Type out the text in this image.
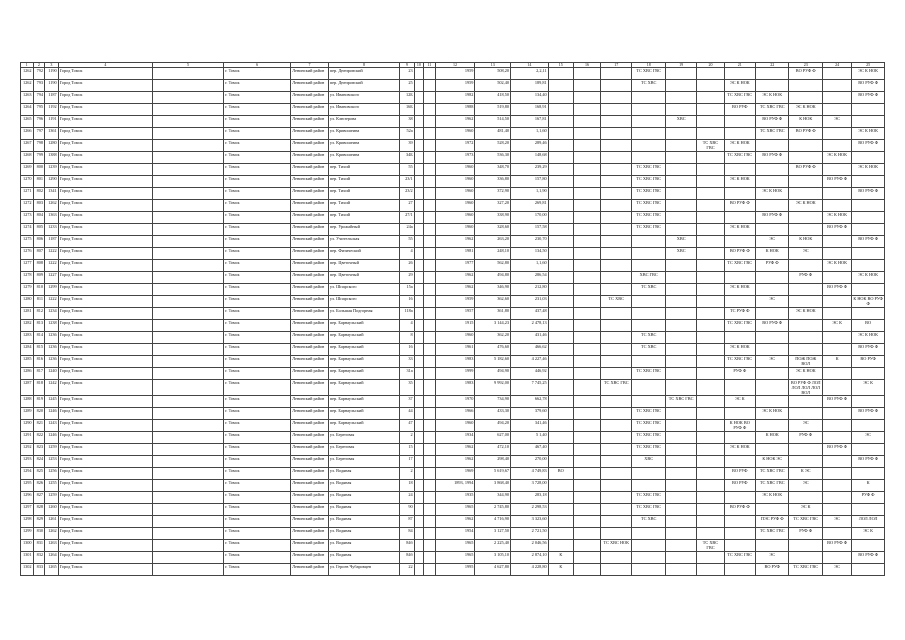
1	2	3	4	5	6	7	8	9	10	11	12	13	14	15	16	17	18	19	20	21	22	23	24	25
1262	792	1190	Город Томск		г. Томск	Ленинский район	пер. Днепровский	23			1959	508,20	2,2,11				ТС ХВС ГВС					ВО РУФ Ф		ЭС К НОК
1262	793	1190	Город Томск		г. Томск	Ленинский район	пер. Днепровский	25			1959	502,40	189,81				ТС ХВС			ЭС К НОК				ВО РУФ Ф
1263	794	1187	Город Томск		г. Томск	Ленинский район	ул. Ивановского	12Б			1982	418,50	134,40							ТС ХВС ГВС	ЭС К НОК			ВО РУФ Ф
1264	795	1192	Город Томск		г. Томск	Ленинский район	ул. Ивановского	16Б			1988	519,80	168,91							ВО РУФ	ТС ХВС ГВС	ЭС К НОК		
1265	796	1191	Город Томск		г. Томск	Ленинский район	ул. Клюзерова	38			1962	514,50	167,81					ХВС			ВО РУФ Ф	К НОК	ЭС	
1266	797	1361	Город Томск		г. Томск	Ленинский район	ул. Кривошеина	52а			1960	481,40	1,1,60								ТС ХВС ГВС	ВО РУФ Ф		ЭС К НОК
1267	798	1280	Город Томск		г. Томск	Ленинский район	ул. Кривошеина	39			1972	528,20	289,46						ТС ХВС ГВС	ЭС К НОК				ВО РУФ Ф
1268	799	1388	Город Томск		г. Томск	Ленинский район	ул. Кривошеина	34Б			1973	536,30	148,68							ТС ХВС ГВС	ВО РУФ Ф		ЭС К НОК	
1269	800	1239	Город Томск		г. Томск	Ленинский район	пер. Тихий	55			1960	348,70	239,29				ТС ХВС ГВС					ВО РУФ Ф		ЭС К НОК
1270	801	1290	Город Томск		г. Томск	Ленинский район	пер. Тихий	23/1			1960	336,80	157,80				ТС ХВС ГВС			ЭС К НОК			ВО РУФ Ф	
1271	802	1341	Город Томск		г. Томск	Ленинский район	пер. Тихий	23/2			1960	372,90	1,1,90				ТС ХВС ГВС				ЭС К НОК			ВО РУФ Ф
1272	803	1262	Город Томск		г. Томск	Ленинский район	пер. Тихий	27			1960	327,20	269,81				ТС ХВС ГВС			ВО РУФ Ф		ЭС К НОК		
1273	804	1363	Город Томск		г. Томск	Ленинский район	пер. Тихий	27/1			1960	338,90	170,00				ТС ХВС ГВС				ВО РУФ Ф		ЭС К НОК	
1274	805	1233	Город Томск		г. Томск	Ленинский район	пер. Урожайный	24а			1960	328,60	157,58				ТС ХВС ГВС			ЭС К НОК			ВО РУФ Ф	
1275	806	1187	Город Томск		г. Томск	Ленинский район	ул. Учительская	55			1962	263,20	230,70					ХВС			ЭС	К НОК		ВО РУФ Ф
1276	807	1222	Город Томск		г. Томск	Ленинский район	пер. Физический	4			1981	248,10	134,50					ХВС		ВО РУФ Ф	К НОК	ЭС		
1277	808	1222	Город Томск		г. Томск	Ленинский район	пер. Цветочный	26			1977	562,80	1,1,60							ТС ХВС ГВС	РУФ Ф		ЭС К НОК	
1278	809	1227	Город Томск		г. Томск	Ленинский район	пер. Цветочный	29			1962	494,80	286,54				ХВС ГВС					РУФ Ф		ЭС К НОК
1279	810	1299	Город Томск		г. Томск	Ленинский район	ул. Шпарского	15а			1962	346,90	212,80				ТС ХВС			ЭС К НОК			ВО РУФ Ф	
1280	811	1222	Город Томск		г. Томск	Ленинский район	ул. Шпарского	16			1959	362,60	231,03			ТС ХВС					ЭС			К НОК ВО РУФ Ф
1281	812	1234	Город Томск		г. Томск	Ленинский район	ул. Большая Подгорная	118а			1957	361,80	437,48							ТС РУФ Ф		ЭС К НОК		
1282	813	1238	Город Томск		г. Томск	Ленинский район	пер. Барнаульский	4			1915	3 144,23	2 478,13							ТС ХВС ГВС	ВО РУФ Ф		ЭС К	ВО
1283	814	1236	Город Томск		г. Томск	Ленинский район	пер. Барнаульский	8			1960	362,20	431,46				ТС ХВС							ЭС К НОК
1284	815	1236	Город Томск		г. Томск	Ленинский район	пер. Барнаульский	16			1961	476,60	466,62				ТС ХВС			ЭС К НОК				ВО РУФ Ф
1285	816	1236	Город Томск		г. Томск	Ленинский район	пер. Барнаульский	33			1983	5 182,60	4 227,46							ТС ХВС ГВС	ЭС	ПОЖ ПОЖ ВОЛ	К	ВО РУФ
1286	817	1240	Город Томск		г. Томск	Ленинский район	пер. Барнаульский	31а			1999	494,90	446,92				ТС ХВС ГВС			РУФ Ф		ЭС К НОК		
1287	818	1242	Город Томск		г. Томск	Ленинский район	пер. Барнаульский	35			1983	9 992,00	7 745,25			ТС ХВС ГВС						ВО РУФ Ф ЛОЛ ЛОЛ ЛОЛ ЛОЛ ВОЛ		ЭС К
1288	819	1245	Город Томск		г. Томск	Ленинский район	пер. Барнаульский	37			1970	734,90	662,78					ТС ХВС ГВС		ЭС К			ВО РУФ Ф	
1289	820	1246	Город Томск		г. Томск	Ленинский район	пер. Барнаульский	44			1966	433,30	379,60				ТС ХВС ГВС				ЭС К НОК			ВО РУФ Ф
1290	821	1243	Город Томск		г. Томск	Ленинский район	пер. Барнаульский	47			1960	494,20	341,46				ТС ХВС ГВС			К НОК ВО РУФ Ф		ЭС		
1291	822	1246	Город Томск		г. Томск	Ленинский район	ул. Береговая	2			1934	627,00	5 1,40				ТС ХВС ГВС				К НОК	РУФ Ф		ЭС
1292	823	1259	Город Томск		г. Томск	Ленинский район	ул. Береговая	15			1962	472,10	467,40				ТС ХВС ГВС			ЭС К НОК			ВО РУФ Ф	
1293	824	1253	Город Томск		г. Томск	Ленинский район	ул. Береговая	17			1962	298,40	270,00				ХВС				К НОК ЭС			ВО РУФ Ф
1294	825	1256	Город Томск		г. Томск	Ленинский район	ул. Водяная	2			1969	5 619,67	4 749,83	ВО						ВО РУФ	ТС ХВС ГВС	К ЭС		
1295	826	1255	Город Томск		г. Томск	Ленинский район	ул. Водяная	18			1893, 1994	3 868,40	3 728,00							ВО РУФ	ТС ХВС ГВС	ЭС		К
1296	827	1259	Город Томск		г. Томск	Ленинский район	ул. Водяная	24			1935	344,90	283,18				ТС ХВС ГВС				ЭС К НОК			РУФ Ф
1297	828	1260	Город Томск		г. Томск	Ленинский район	ул. Водяная	90			1965	2 745,80	2 298,53				ТС ХВС ГВС			ВО РУФ Ф		ЭС К		
1298	829	1261	Город Томск		г. Томск	Ленинский район	ул. Водяная	87			1962	4 716,90	3 323,60				ТС ХВС				ПЭС РУФ Ф	ТС ХВС ГВС	ЭС	ЛОЛ ЛОЛ
1299	830	1262	Город Томск		г. Томск	Ленинский район	ул. Водяная	84			1954	3 127,50	2 721,50								ТС ХВС ГВС	РУФ Ф		ЭС К
1300	831	1263	Город Томск		г. Томск	Ленинский район	ул. Водяная	84б			1965	2 225,40	2 046,56			ТС ХВС НОК			ТС ХВС ГВС				ВО РУФ Ф	
1301	832	1264	Город Томск		г. Томск	Ленинский район	ул. Водяная	84б			1965	3 105,10	2 874,10	К						ТС ХВС ГВС	ЭС			ВО РУФ Ф
1302	833	1265	Город Томск		г. Томск	Ленинский район	ул. Героев Чубаровцев	22			1995	4 627,80	4 228,80	К							ВО РУФ	ТС ХВС ГВС	ЭС	
